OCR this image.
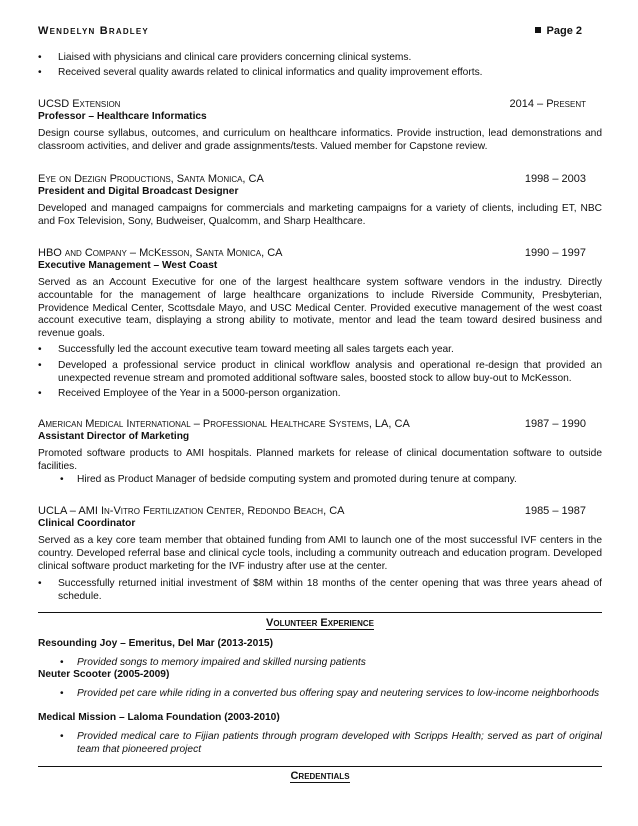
Wendelyn Bradley	Page 2
• Liaised with physicians and clinical care providers concerning clinical systems.
• Received several quality awards related to clinical informatics and quality improvement efforts.
UCSD Extension	2014 – Present
Professor – Healthcare Informatics
Design course syllabus, outcomes, and curriculum on healthcare informatics. Provide instruction, lead demonstrations and classroom activities, and deliver and grade assignments/tests. Valued member for Capstone review.
Eye on Dezign Productions, Santa Monica, CA	1998 – 2003
President and Digital Broadcast Designer
Developed and managed campaigns for commercials and marketing campaigns for a variety of clients, including ET, NBC and Fox Television, Sony, Budweiser, Qualcomm, and Sharp Healthcare.
HBO and Company – McKesson, Santa Monica, CA	1990 – 1997
Executive Management – West Coast
Served as an Account Executive for one of the largest healthcare system software vendors in the industry. Directly accountable for the management of large healthcare organizations to include Riverside Community, Presbyterian, Providence Medical Center, Scottsdale Mayo, and USC Medical Center. Provided executive management of the west coast account executive team, displaying a strong ability to motivate, mentor and lead the team toward desired business and revenue goals.
• Successfully led the account executive team toward meeting all sales targets each year.
• Developed a professional service product in clinical workflow analysis and operational re-design that provided an unexpected revenue stream and promoted additional software sales, boosted stock to allow buy-out to McKesson.
• Received Employee of the Year in a 5000-person organization.
American Medical International – Professional Healthcare Systems, LA, CA	1987 – 1990
Assistant Director of Marketing
Promoted software products to AMI hospitals. Planned markets for release of clinical documentation software to outside facilities.
• Hired as Product Manager of bedside computing system and promoted during tenure at company.
UCLA – AMI In-Vitro Fertilization Center, Redondo Beach, CA	1985 – 1987
Clinical Coordinator
Served as a key core team member that obtained funding from AMI to launch one of the most successful IVF centers in the country. Developed referral base and clinical cycle tools, including a community outreach and education program. Developed clinical software product marketing for the IVF industry after use at the center.
• Successfully returned initial investment of $8M within 18 months of the center opening that was three years ahead of schedule.
Volunteer Experience
Resounding Joy – Emeritus, Del Mar (2013-2015)
• Provided songs to memory impaired and skilled nursing patients
Neuter Scooter (2005-2009)
• Provided pet care while riding in a converted bus offering spay and neutering services to low-income neighborhoods
Medical Mission – Laloma Foundation (2003-2010)
• Provided medical care to Fijian patients through program developed with Scripps Health; served as part of original team that pioneered project
Credentials
